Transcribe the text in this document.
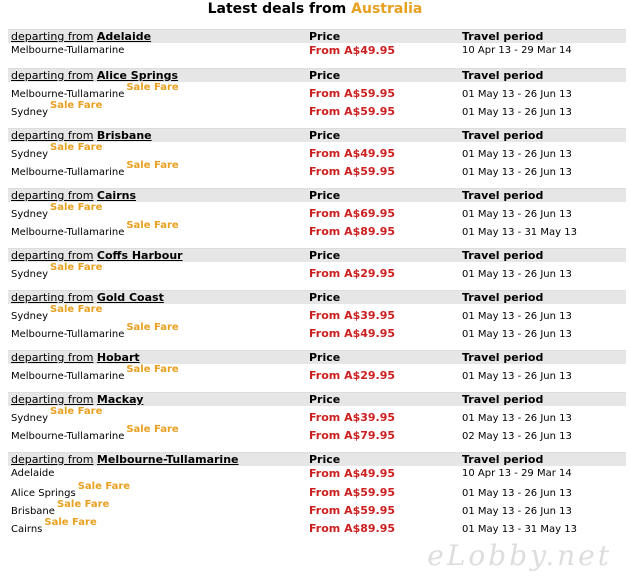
Latest deals from Australia
departing from Adelaide	Price	Travel period
Melbourne-Tullamarine	From A$49.95	10 Apr 13 - 29 Mar 14
departing from Alice Springs	Price	Travel period
Melbourne-TullamarineSale Fare	From A$59.95	01 May 13 - 26 Jun 13
SydneySale Fare	From A$59.95	01 May 13 - 26 Jun 13
departing from Brisbane	Price	Travel period
SydneySale Fare	From A$49.95	01 May 13 - 26 Jun 13
Melbourne-TullamarineSale Fare	From A$59.95	01 May 13 - 26 Jun 13
departing from Cairns	Price	Travel period
SydneySale Fare	From A$69.95	01 May 13 - 26 Jun 13
Melbourne-TullamarineSale Fare	From A$89.95	01 May 13 - 31 May 13
departing from Coffs Harbour	Price	Travel period
SydneySale Fare	From A$29.95	01 May 13 - 26 Jun 13
departing from Gold Coast	Price	Travel period
SydneySale Fare	From A$39.95	01 May 13 - 26 Jun 13
Melbourne-TullamarineSale Fare	From A$49.95	01 May 13 - 26 Jun 13
departing from Hobart	Price	Travel period
Melbourne-TullamarineSale Fare	From A$29.95	01 May 13 - 26 Jun 13
departing from Mackay	Price	Travel period
SydneySale Fare	From A$39.95	01 May 13 - 26 Jun 13
Melbourne-TullamarineSale Fare	From A$79.95	02 May 13 - 26 Jun 13
departing from Melbourne-Tullamarine	Price	Travel period
Adelaide	From A$49.95	10 Apr 13 - 29 Mar 14
Alice SpringsSale Fare	From A$59.95	01 May 13 - 26 Jun 13
BrisbaneSale Fare	From A$59.95	01 May 13 - 26 Jun 13
CairnsSale Fare	From A$89.95	01 May 13 - 31 May 13
eLobby.net
